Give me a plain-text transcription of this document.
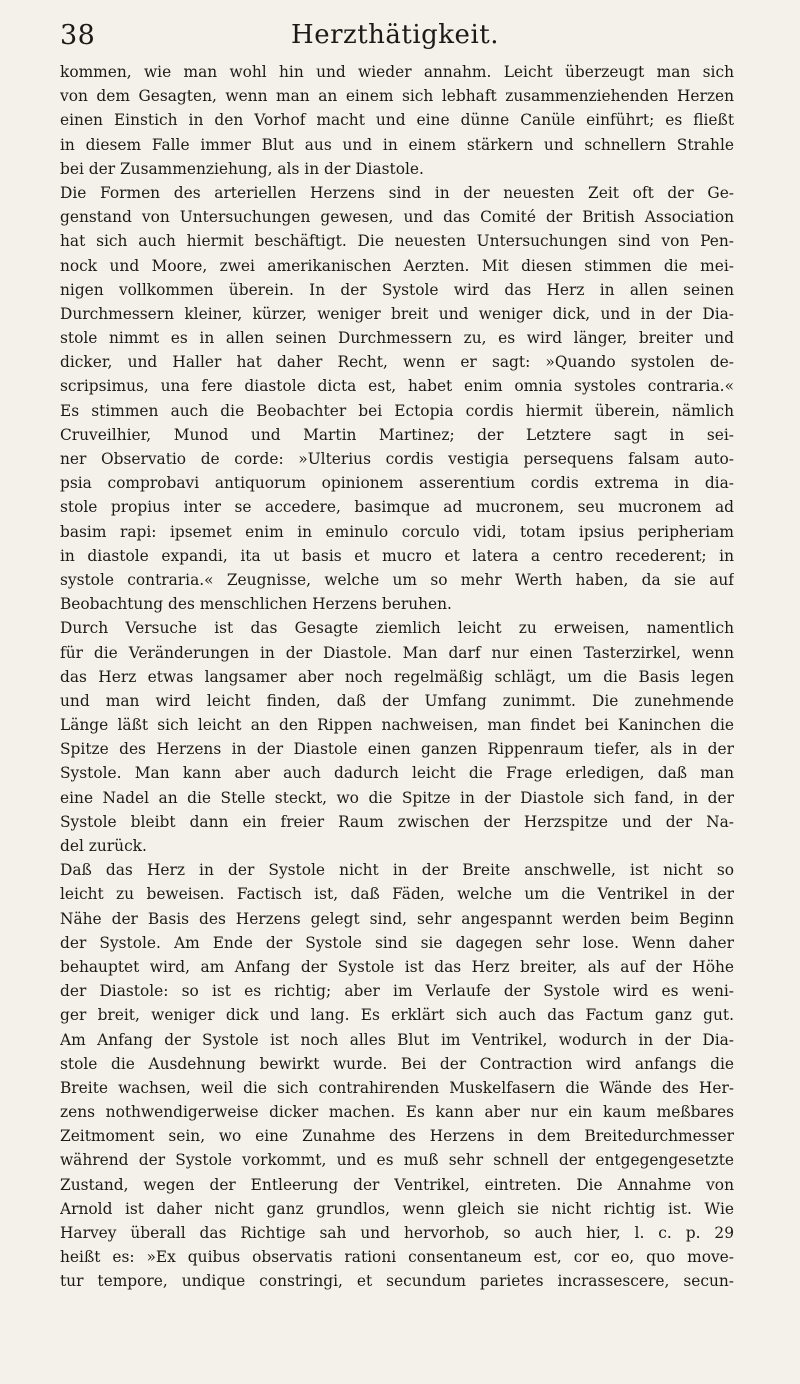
38	Herzthätigkeit.
kommen, wie man wohl hin und wieder annahm. Leicht überzeugt man sich
von dem Gesagten, wenn man an einem sich lebhaft zusammenziehenden Herzen
einen Einstich in den Vorhof macht und eine dünne Canüle einführt; es fließt
in diesem Falle immer Blut aus und in einem stärkern und schnellern Strahle
bei der Zusammenziehung, als in der Diastole.
Die Formen des arteriellen Herzens sind in der neuesten Zeit oft der Ge-
genstand von Untersuchungen gewesen, und das Comité der British Association
hat sich auch hiermit beschäftigt. Die neuesten Untersuchungen sind von Pen-
nock und Moore, zwei amerikanischen Aerzten. Mit diesen stimmen die mei-
nigen vollkommen überein. In der Systole wird das Herz in allen seinen
Durchmessern kleiner, kürzer, weniger breit und weniger dick, und in der Dia-
stole nimmt es in allen seinen Durchmessern zu, es wird länger, breiter und
dicker, und Haller hat daher Recht, wenn er sagt: »Quando systolen de-
scripsimus, una fere diastole dicta est, habet enim omnia systoles contraria.«
Es stimmen auch die Beobachter bei Ectopia cordis hiermit überein, nämlich
Cruveilhier, Munod und Martin Martinez; der Letztere sagt in sei-
ner Observatio de corde: »Ulterius cordis vestigia persequens falsam auto-
psia comprobavi antiquorum opinionem asserentium cordis extrema in dia-
stole propius inter se accedere, basimque ad mucronem, seu mucronem ad
basim rapi: ipsemet enim in eminulo corculo vidi, totam ipsius peripheriam
in diastole expandi, ita ut basis et mucro et latera a centro recederent; in
systole contraria.« Zeugnisse, welche um so mehr Werth haben, da sie auf
Beobachtung des menschlichen Herzens beruhen.
Durch Versuche ist das Gesagte ziemlich leicht zu erweisen, namentlich
für die Veränderungen in der Diastole. Man darf nur einen Tasterzirkel, wenn
das Herz etwas langsamer aber noch regelmäßig schlägt, um die Basis legen
und man wird leicht finden, daß der Umfang zunimmt. Die zunehmende
Länge läßt sich leicht an den Rippen nachweisen, man findet bei Kaninchen die
Spitze des Herzens in der Diastole einen ganzen Rippenraum tiefer, als in der
Systole. Man kann aber auch dadurch leicht die Frage erledigen, daß man
eine Nadel an die Stelle steckt, wo die Spitze in der Diastole sich fand, in der
Systole bleibt dann ein freier Raum zwischen der Herzspitze und der Na-
del zurück.
Daß das Herz in der Systole nicht in der Breite anschwelle, ist nicht so
leicht zu beweisen. Factisch ist, daß Fäden, welche um die Ventrikel in der
Nähe der Basis des Herzens gelegt sind, sehr angespannt werden beim Beginn
der Systole. Am Ende der Systole sind sie dagegen sehr lose. Wenn daher
behauptet wird, am Anfang der Systole ist das Herz breiter, als auf der Höhe
der Diastole: so ist es richtig; aber im Verlaufe der Systole wird es weni-
ger breit, weniger dick und lang. Es erklärt sich auch das Factum ganz gut.
Am Anfang der Systole ist noch alles Blut im Ventrikel, wodurch in der Dia-
stole die Ausdehnung bewirkt wurde. Bei der Contraction wird anfangs die
Breite wachsen, weil die sich contrahirenden Muskelfasern die Wände des Her-
zens nothwendigerweise dicker machen. Es kann aber nur ein kaum meßbares
Zeitmoment sein, wo eine Zunahme des Herzens in dem Breitedurchmesser
während der Systole vorkommt, und es muß sehr schnell der entgegengesetzte
Zustand, wegen der Entleerung der Ventrikel, eintreten. Die Annahme von
Arnold ist daher nicht ganz grundlos, wenn gleich sie nicht richtig ist. Wie
Harvey überall das Richtige sah und hervorhob, so auch hier, l. c. p. 29
heißt es: »Ex quibus observatis rationi consentaneum est, cor eo, quo move-
tur tempore, undique constringi, et secundum parietes incrassescere, secun-
